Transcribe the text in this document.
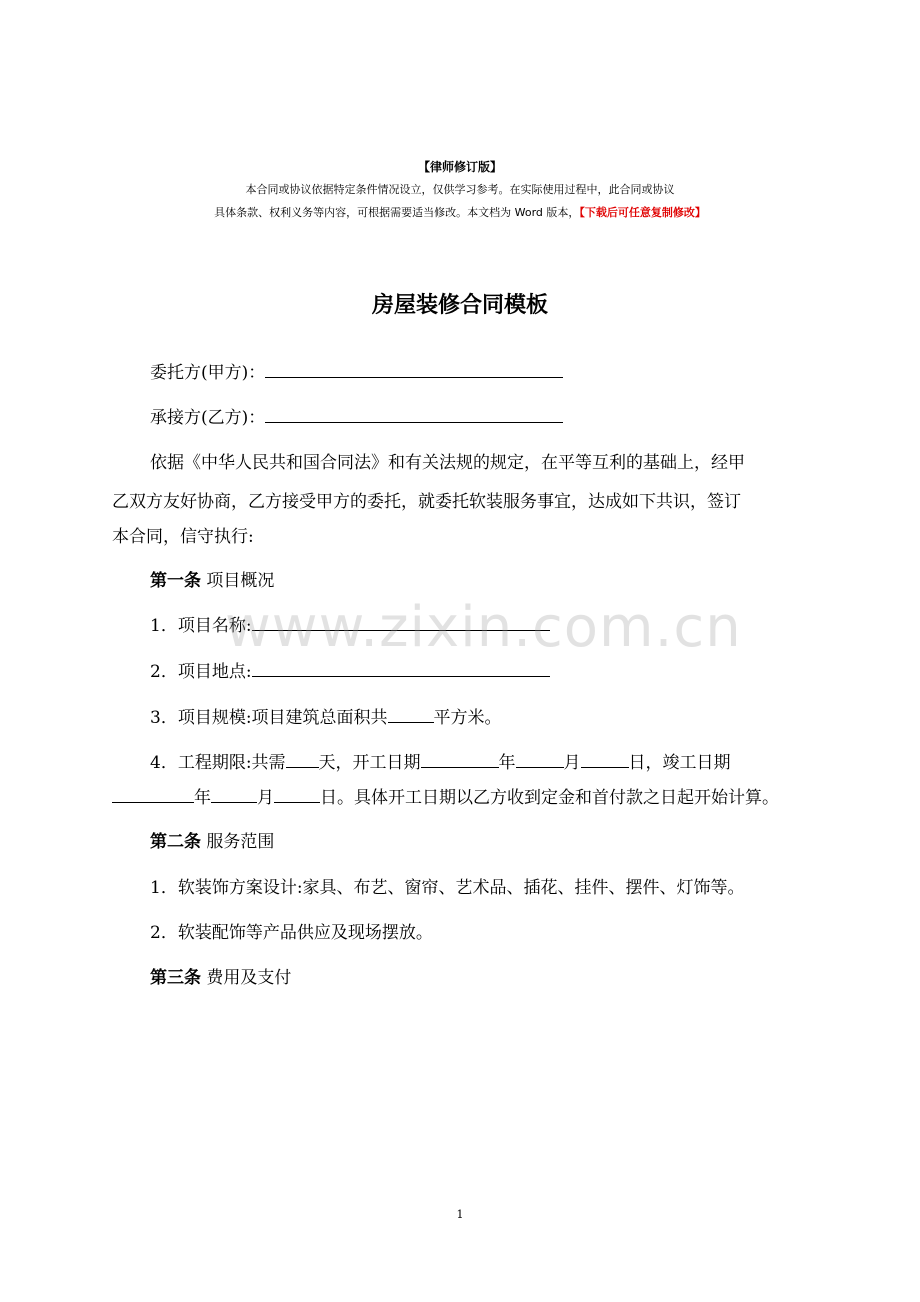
【律师修订版】
本合同或协议依据特定条件情况设立，仅供学习参考。在实际使用过程中，此合同或协议
具体条款、权利义务等内容，可根据需要适当修改。本文档为 Word 版本，【下载后可任意复制修改】
房屋装修合同模板
委托方(甲方)：
承接方(乙方)：
依据《中华人民共和国合同法》和有关法规的规定，在平等互利的基础上，经甲
乙双方友好协商，乙方接受甲方的委托，就委托软装服务事宜，达成如下共识，签订
本合同，信守执行:
第一条 项目概况
1．项目名称:
2．项目地点:
3．项目规模:项目建筑总面积共	平方米。
4．工程期限:共需 天，开工日期	年	月	日，竣工日期
年	月	日。具体开工日期以乙方收到定金和首付款之日起开始计算。
第二条 服务范围
1．软装饰方案设计:家具、布艺、窗帘、艺术品、插花、挂件、摆件、灯饰等。
2．软装配饰等产品供应及现场摆放。
第三条 费用及支付
www.zixin.com.cn
1
